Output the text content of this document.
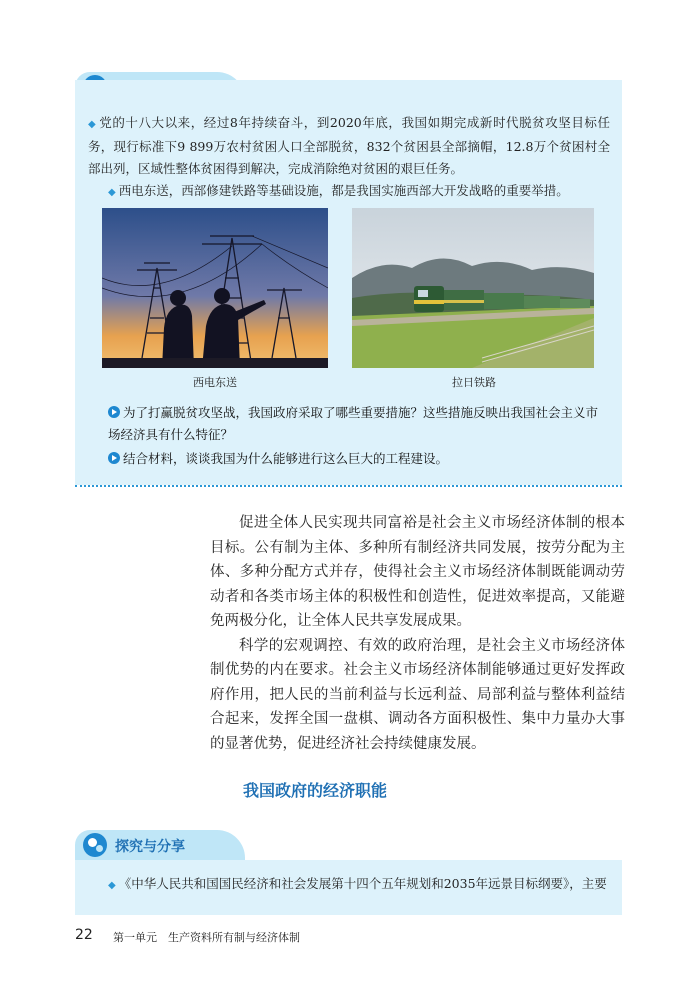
◆ 党的十八大以来，经过8年持续奋斗，到2020年底，我国如期完成新时代脱贫攻坚目标任务，现行标准下9 899万农村贫困人口全部脱贫，832个贫困县全部摘帽，12.8万个贫困村全部出列，区域性整体贫困得到解决，完成消除绝对贫困的艰巨任务。
◆ 西电东送，西部修建铁路等基础设施，都是我国实施西部大开发战略的重要举措。
西电东送	拉日铁路
为了打赢脱贫攻坚战，我国政府采取了哪些重要措施？这些措施反映出我国社会主义市场经济具有什么特征？
结合材料，谈谈我国为什么能够进行这么巨大的工程建设。

促进全体人民实现共同富裕是社会主义市场经济体制的根本目标。公有制为主体、多种所有制经济共同发展，按劳分配为主体、多种分配方式并存，使得社会主义市场经济体制既能调动劳动者和各类市场主体的积极性和创造性，促进效率提高，又能避免两极分化，让全体人民共享发展成果。

科学的宏观调控、有效的政府治理，是社会主义市场经济体制优势的内在要求。社会主义市场经济体制能够通过更好发挥政府作用，把人民的当前利益与长远利益、局部利益与整体利益结合起来，发挥全国一盘棋、调动各方面积极性、集中力量办大事的显著优势，促进经济社会持续健康发展。

我国政府的经济职能
探究与分享
◆ 《中华人民共和国国民经济和社会发展第十四个五年规划和2035年远景目标纲要》，主要
22 第一单元　生产资料所有制与经济体制
